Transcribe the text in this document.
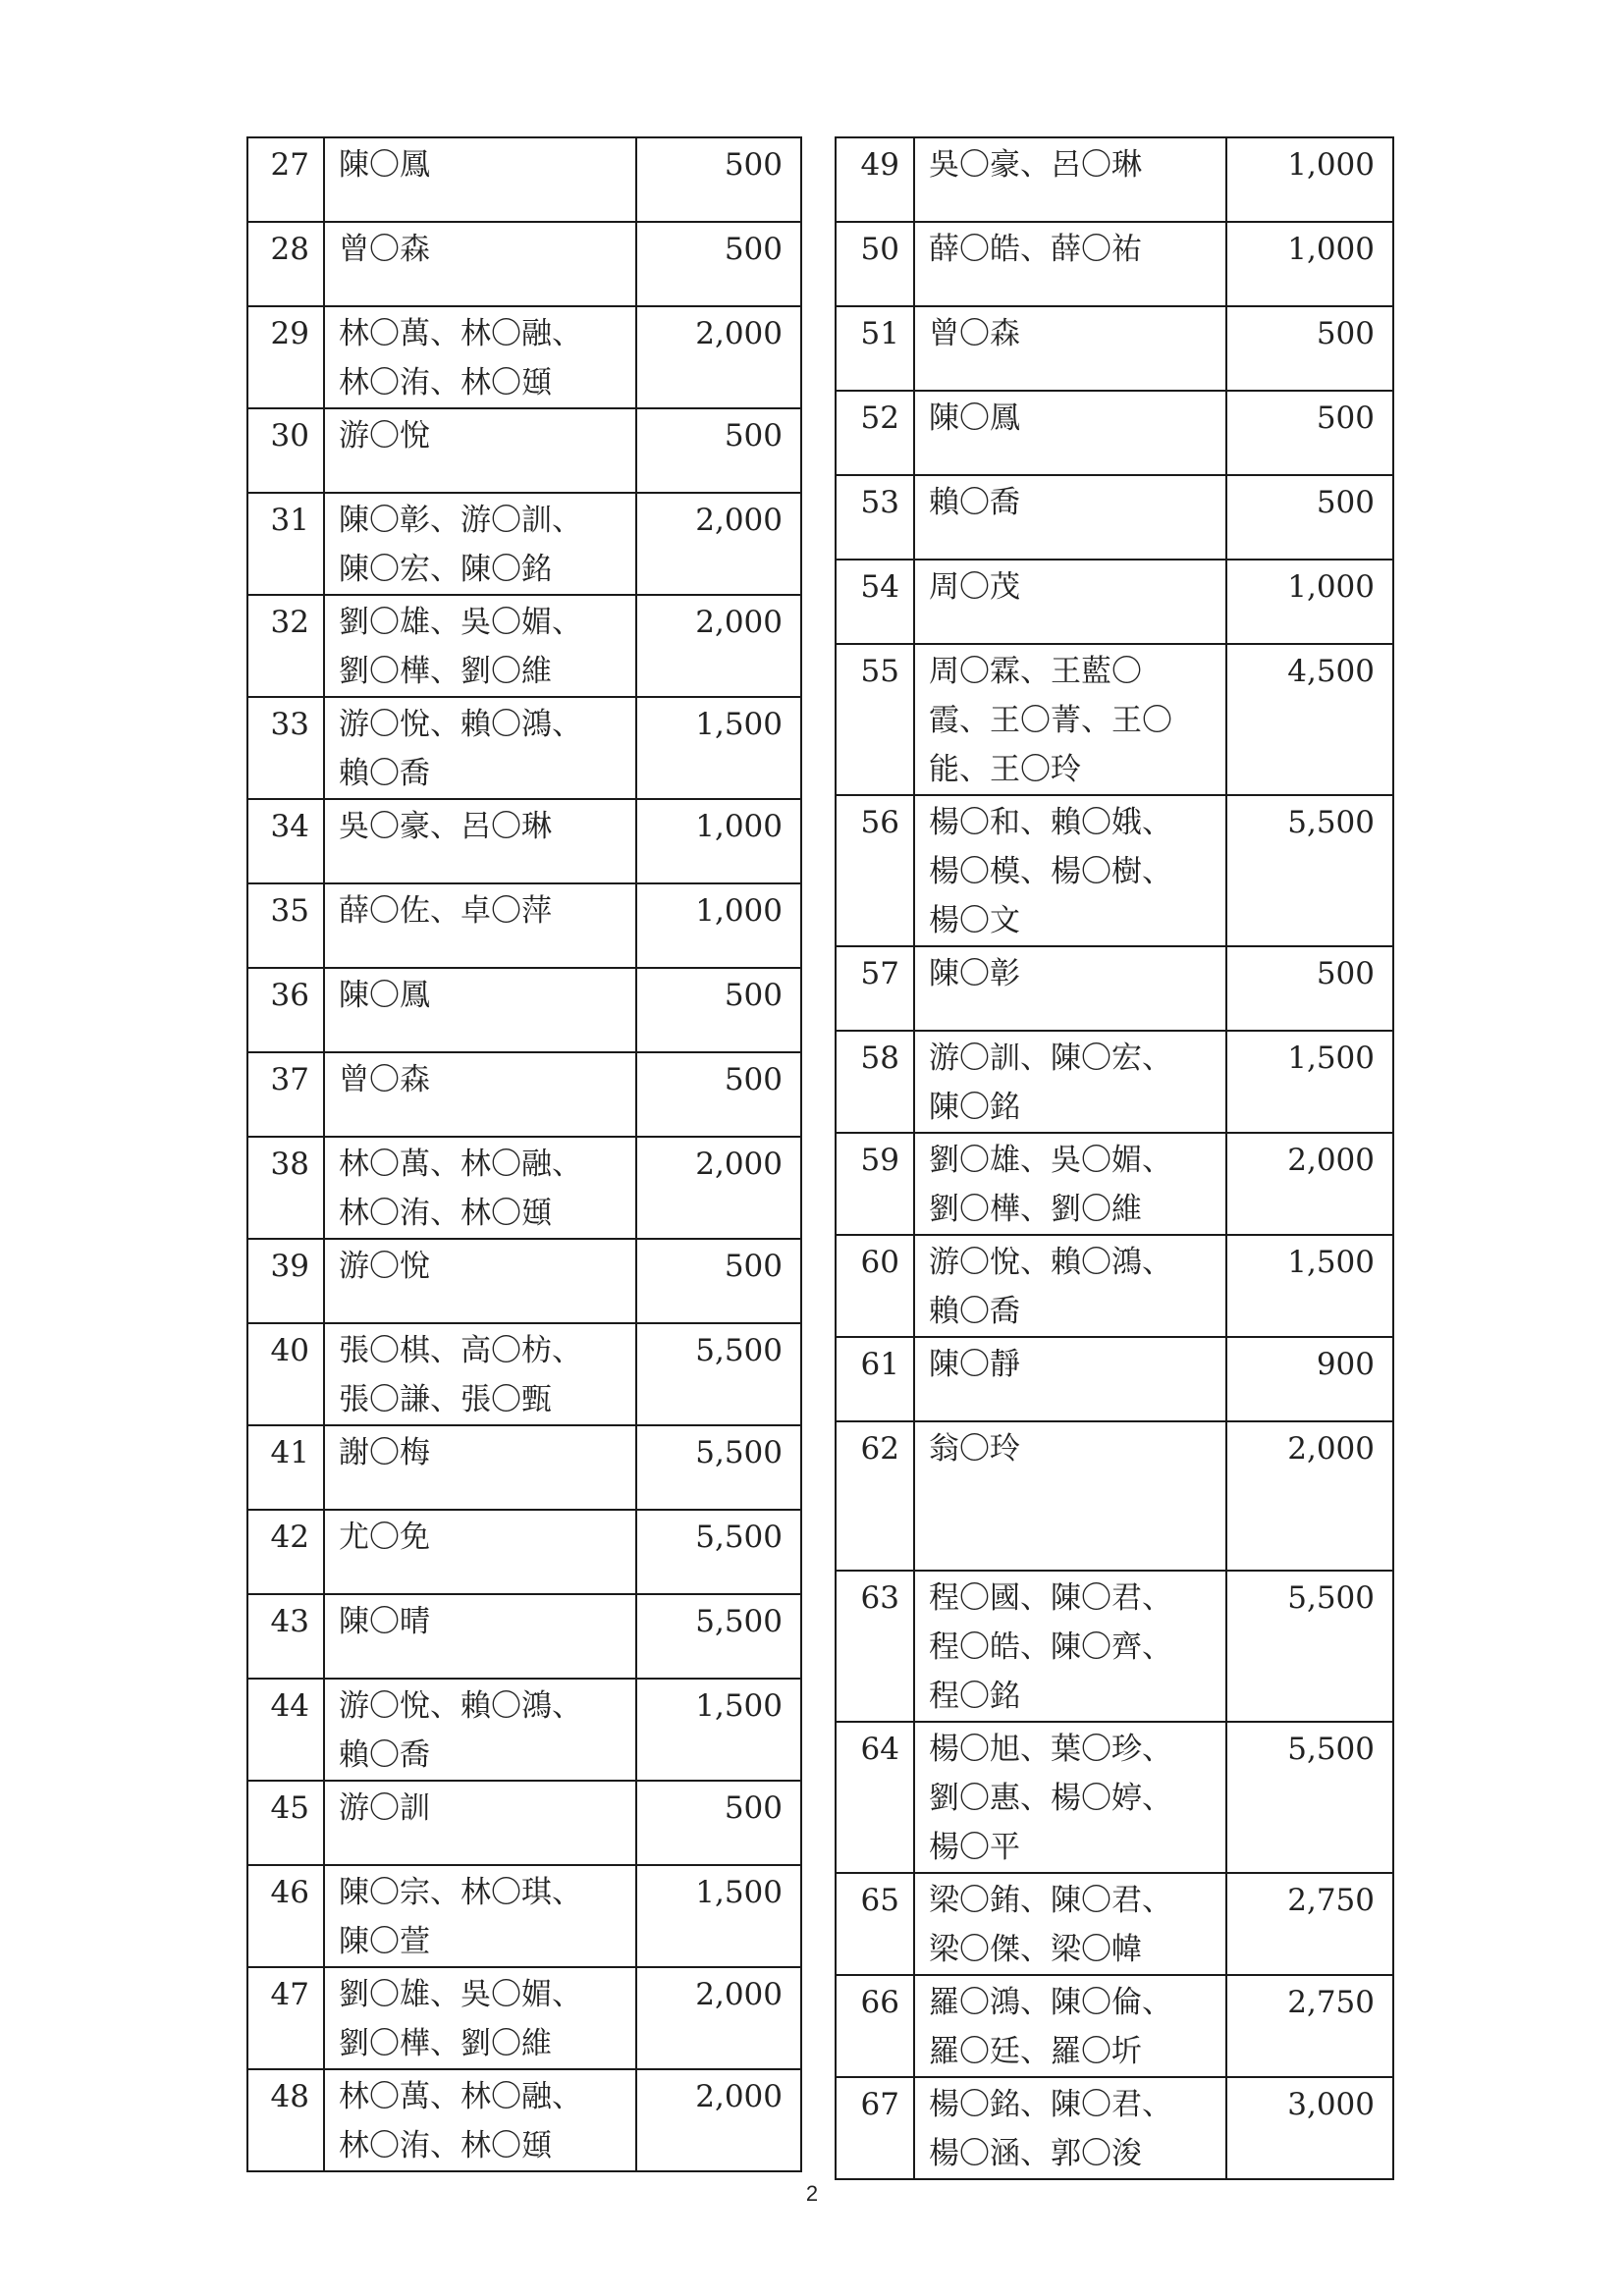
27	陳〇鳳	500
28	曾〇森	500
29	林〇萬、林〇融、
林〇洧、林〇頲	2,000
30	游〇悅	500
31	陳〇彰、游〇訓、
陳〇宏、陳〇銘	2,000
32	劉〇雄、吳〇媚、
劉〇樺、劉〇維	2,000
33	游〇悅、賴〇鴻、
賴〇喬	1,500
34	吳〇豪、呂〇琳	1,000
35	薛〇佐、卓〇萍	1,000
36	陳〇鳳	500
37	曾〇森	500
38	林〇萬、林〇融、
林〇洧、林〇頲	2,000
39	游〇悅	500
40	張〇棋、高〇枋、
張〇謙、張〇甄	5,500
41	謝〇梅	5,500
42	尤〇免	5,500
43	陳〇晴	5,500
44	游〇悅、賴〇鴻、
賴〇喬	1,500
45	游〇訓	500
46	陳〇宗、林〇琪、
陳〇萱	1,500
47	劉〇雄、吳〇媚、
劉〇樺、劉〇維	2,000
48	林〇萬、林〇融、
林〇洧、林〇頲	2,000
49	吳〇豪、呂〇琳	1,000
50	薛〇皓、薛〇祐	1,000
51	曾〇森	500
52	陳〇鳳	500
53	賴〇喬	500
54	周〇茂	1,000
55	周〇霖、王藍〇
霞、王〇菁、王〇
能、王〇玲	4,500
56	楊〇和、賴〇娥、
楊〇模、楊〇樹、
楊〇文	5,500
57	陳〇彰	500
58	游〇訓、陳〇宏、
陳〇銘	1,500
59	劉〇雄、吳〇媚、
劉〇樺、劉〇維	2,000
60	游〇悅、賴〇鴻、
賴〇喬	1,500
61	陳〇靜	900
62	翁〇玲	2,000
63	程〇國、陳〇君、
程〇皓、陳〇齊、
程〇銘	5,500
64	楊〇旭、葉〇珍、
劉〇惠、楊〇婷、
楊〇平	5,500
65	梁〇銪、陳〇君、
梁〇傑、梁〇幃	2,750
66	羅〇鴻、陳〇倫、
羅〇廷、羅〇圻	2,750
67	楊〇銘、陳〇君、
楊〇涵、郭〇浚	3,000
2
